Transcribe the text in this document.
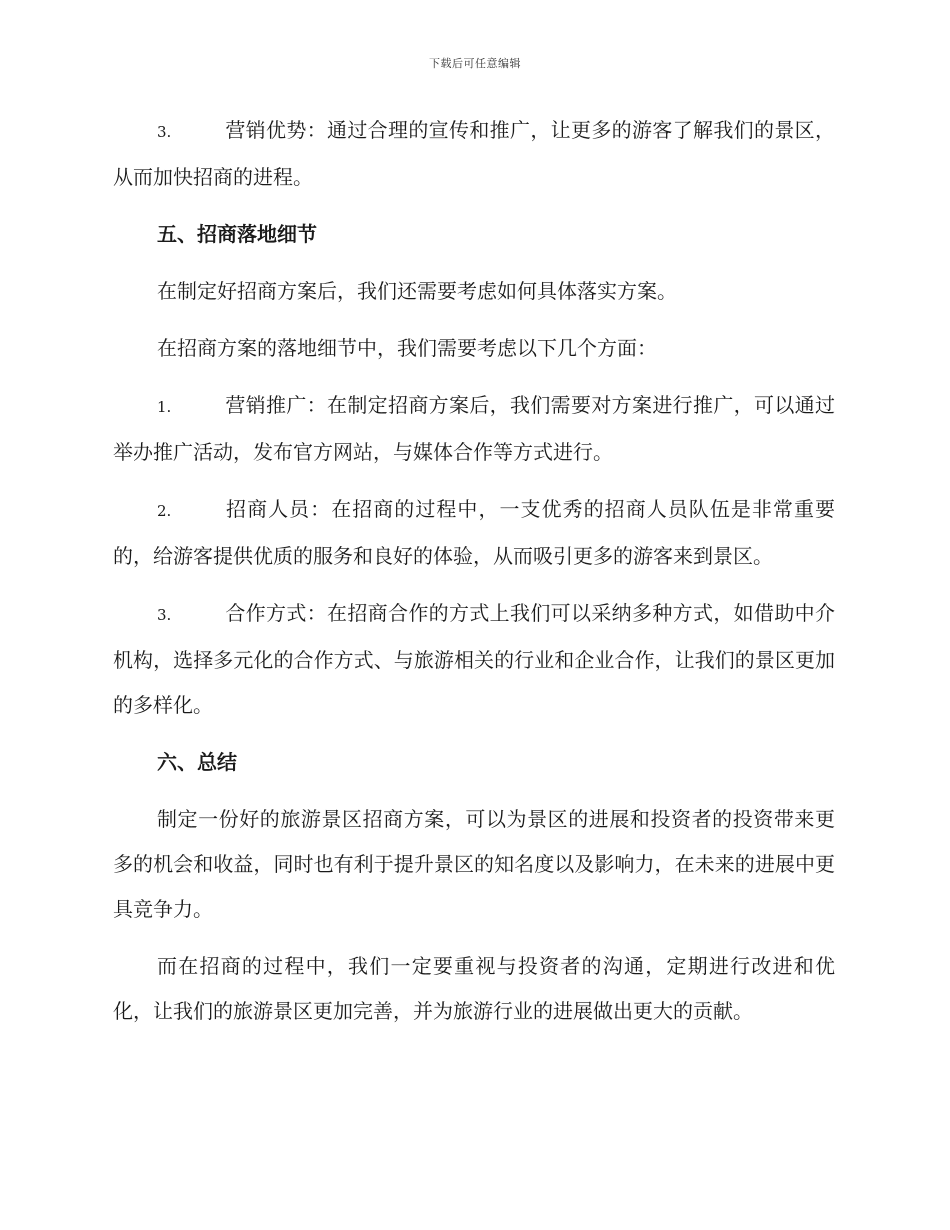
下载后可任意编辑

3.	营销优势：通过合理的宣传和推广，让更多的游客了解我们的景区，从而加快招商的进程。

五、招商落地细节

在制定好招商方案后，我们还需要考虑如何具体落实方案。

在招商方案的落地细节中，我们需要考虑以下几个方面：

1.	营销推广：在制定招商方案后，我们需要对方案进行推广，可以通过举办推广活动，发布官方网站，与媒体合作等方式进行。

2.	招商人员：在招商的过程中，一支优秀的招商人员队伍是非常重要的，给游客提供优质的服务和良好的体验，从而吸引更多的游客来到景区。

3.	合作方式：在招商合作的方式上我们可以采纳多种方式，如借助中介机构，选择多元化的合作方式、与旅游相关的行业和企业合作，让我们的景区更加的多样化。

六、总结

制定一份好的旅游景区招商方案，可以为景区的进展和投资者的投资带来更多的机会和收益，同时也有利于提升景区的知名度以及影响力，在未来的进展中更具竞争力。

而在招商的过程中，我们一定要重视与投资者的沟通，定期进行改进和优化，让我们的旅游景区更加完善，并为旅游行业的进展做出更大的贡献。
